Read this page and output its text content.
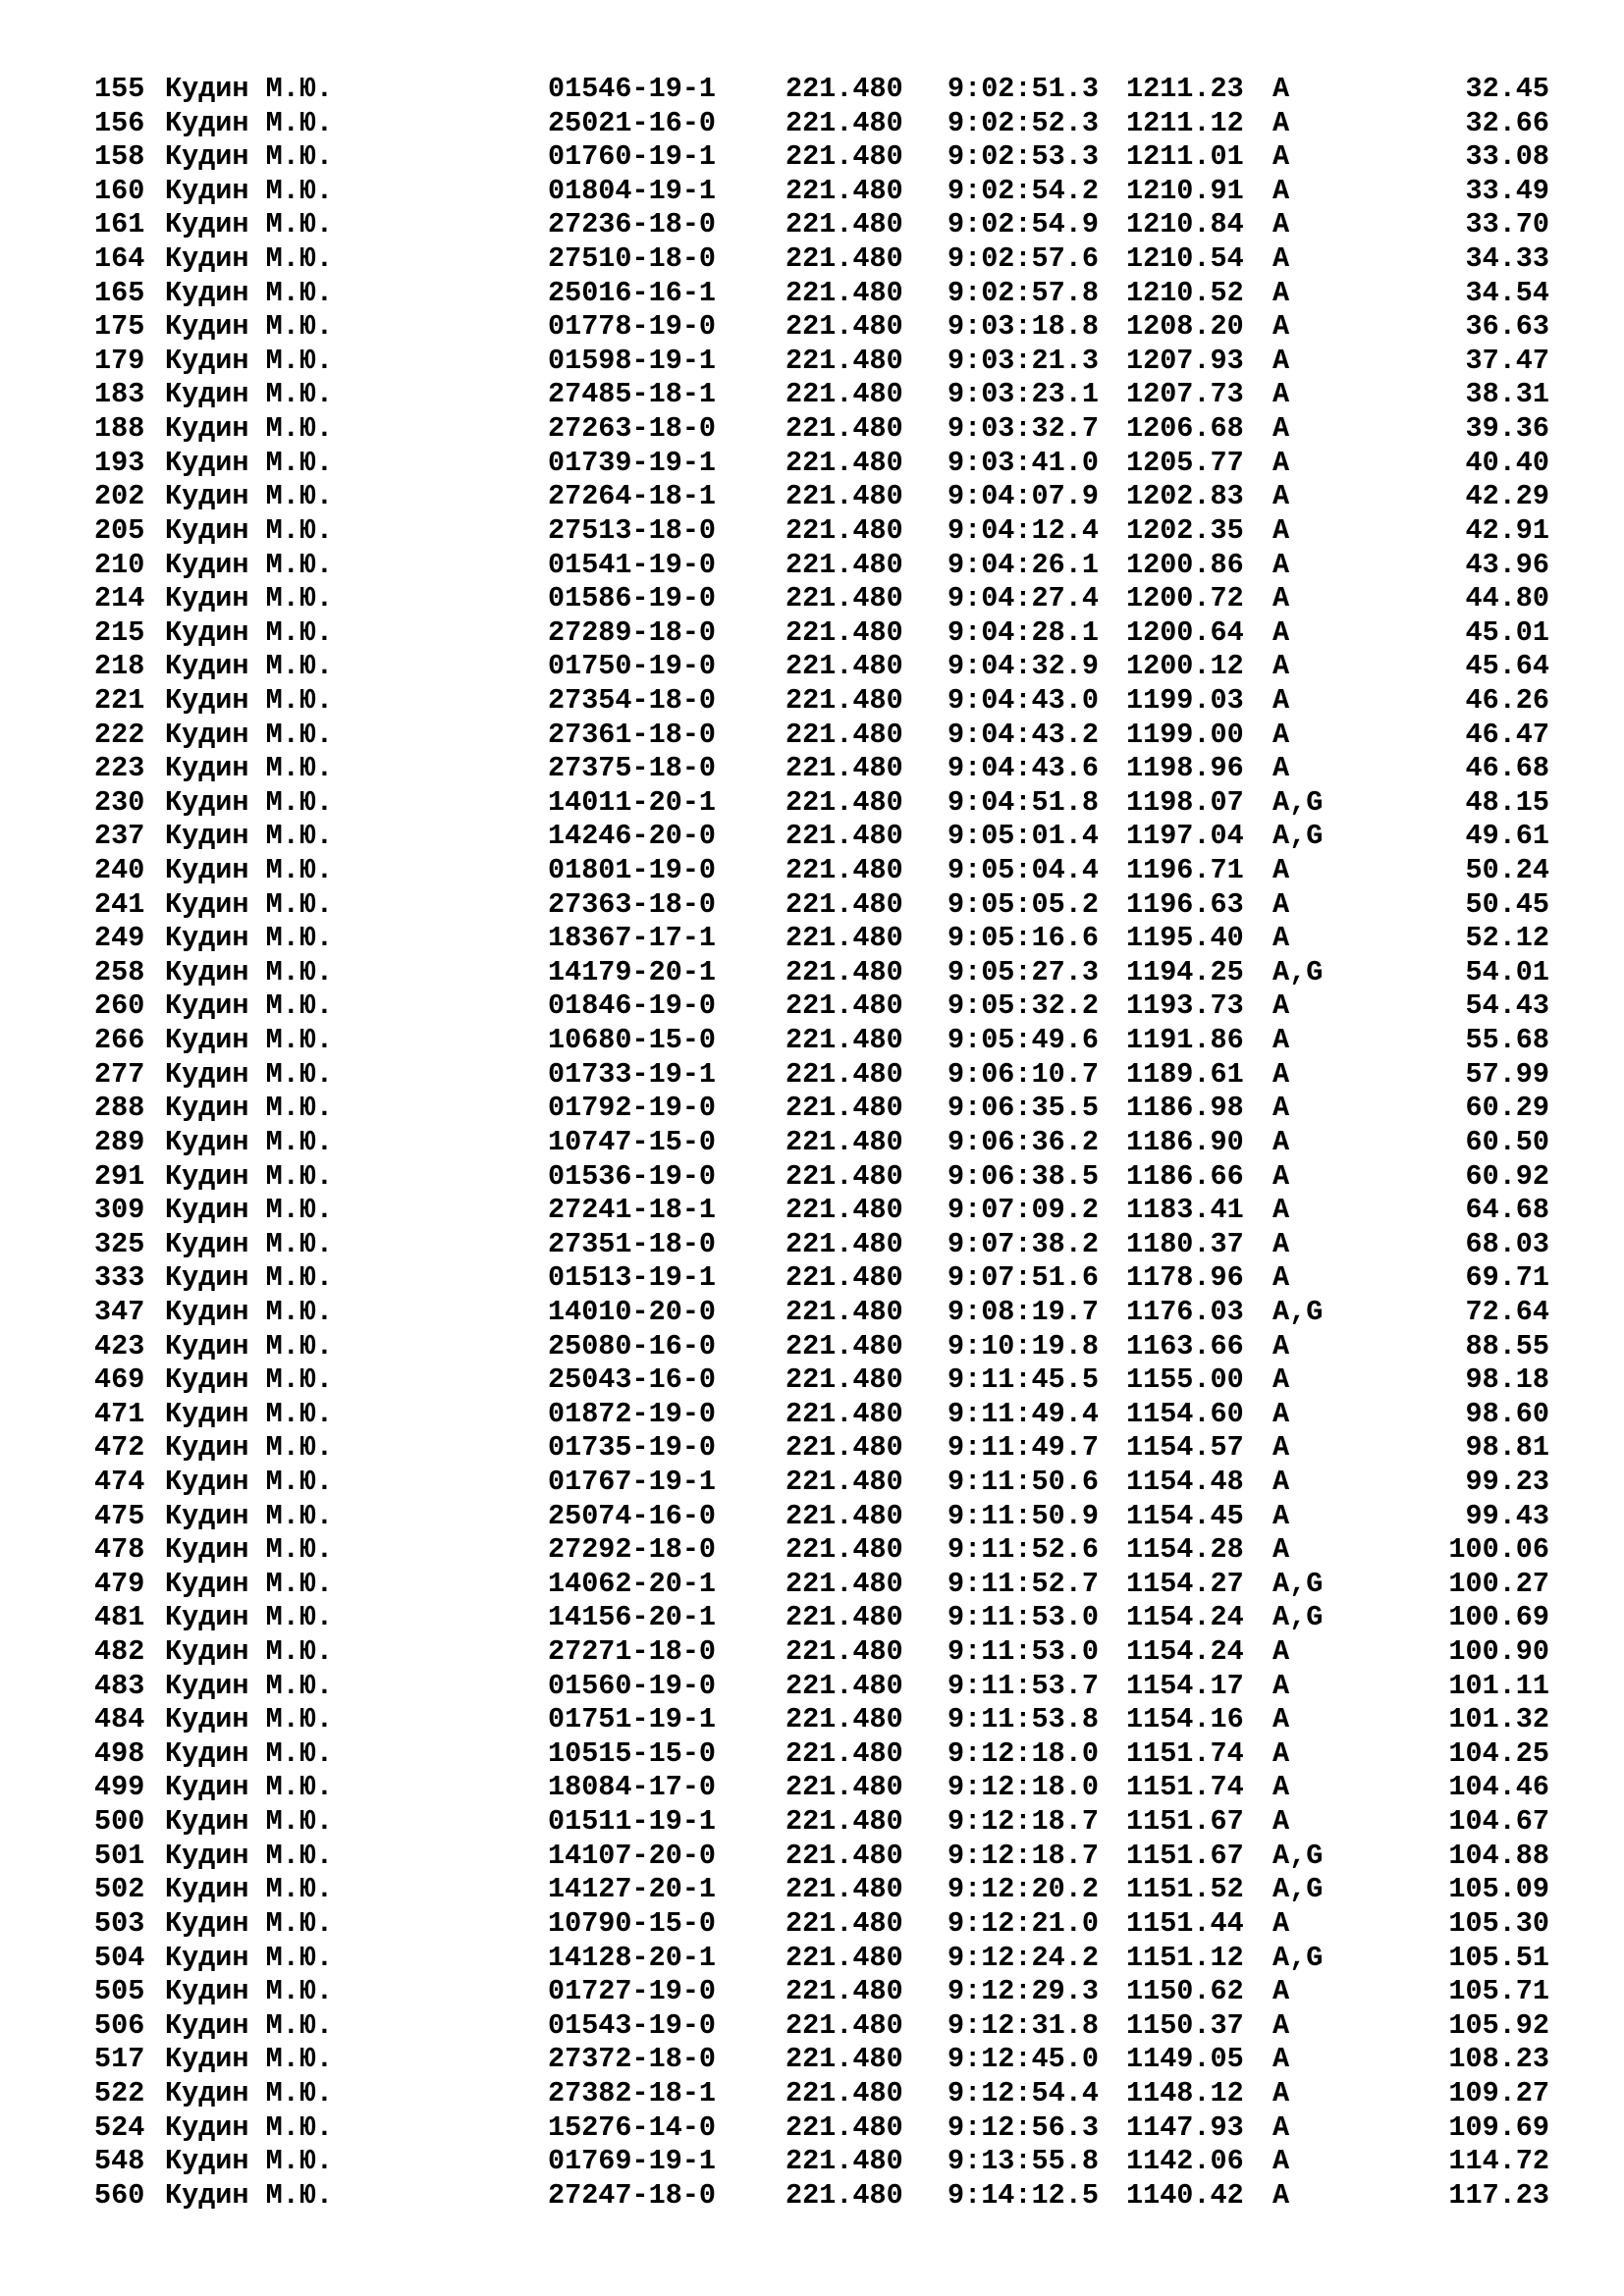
155 Кудин М.Ю.	01546-19-1 221.480 9:02:51.3 1211.23 A	32.45
156 Кудин М.Ю.	25021-16-0 221.480 9:02:52.3 1211.12 A	32.66
158 Кудин М.Ю.	01760-19-1 221.480 9:02:53.3 1211.01 A	33.08
160 Кудин М.Ю.	01804-19-1 221.480 9:02:54.2 1210.91 A	33.49
161 Кудин М.Ю.	27236-18-0 221.480 9:02:54.9 1210.84 A	33.70
164 Кудин М.Ю.	27510-18-0 221.480 9:02:57.6 1210.54 A	34.33
165 Кудин М.Ю.	25016-16-1 221.480 9:02:57.8 1210.52 A	34.54
175 Кудин М.Ю.	01778-19-0 221.480 9:03:18.8 1208.20 A	36.63
179 Кудин М.Ю.	01598-19-1 221.480 9:03:21.3 1207.93 A	37.47
183 Кудин М.Ю.	27485-18-1 221.480 9:03:23.1 1207.73 A	38.31
188 Кудин М.Ю.	27263-18-0 221.480 9:03:32.7 1206.68 A	39.36
193 Кудин М.Ю.	01739-19-1 221.480 9:03:41.0 1205.77 A	40.40
202 Кудин М.Ю.	27264-18-1 221.480 9:04:07.9 1202.83 A	42.29
205 Кудин М.Ю.	27513-18-0 221.480 9:04:12.4 1202.35 A	42.91
210 Кудин М.Ю.	01541-19-0 221.480 9:04:26.1 1200.86 A	43.96
214 Кудин М.Ю.	01586-19-0 221.480 9:04:27.4 1200.72 A	44.80
215 Кудин М.Ю.	27289-18-0 221.480 9:04:28.1 1200.64 A	45.01
218 Кудин М.Ю.	01750-19-0 221.480 9:04:32.9 1200.12 A	45.64
221 Кудин М.Ю.	27354-18-0 221.480 9:04:43.0 1199.03 A	46.26
222 Кудин М.Ю.	27361-18-0 221.480 9:04:43.2 1199.00 A	46.47
223 Кудин М.Ю.	27375-18-0 221.480 9:04:43.6 1198.96 A	46.68
230 Кудин М.Ю.	14011-20-1 221.480 9:04:51.8 1198.07 A,G	48.15
237 Кудин М.Ю.	14246-20-0 221.480 9:05:01.4 1197.04 A,G	49.61
240 Кудин М.Ю.	01801-19-0 221.480 9:05:04.4 1196.71 A	50.24
241 Кудин М.Ю.	27363-18-0 221.480 9:05:05.2 1196.63 A	50.45
249 Кудин М.Ю.	18367-17-1 221.480 9:05:16.6 1195.40 A	52.12
258 Кудин М.Ю.	14179-20-1 221.480 9:05:27.3 1194.25 A,G	54.01
260 Кудин М.Ю.	01846-19-0 221.480 9:05:32.2 1193.73 A	54.43
266 Кудин М.Ю.	10680-15-0 221.480 9:05:49.6 1191.86 A	55.68
277 Кудин М.Ю.	01733-19-1 221.480 9:06:10.7 1189.61 A	57.99
288 Кудин М.Ю.	01792-19-0 221.480 9:06:35.5 1186.98 A	60.29
289 Кудин М.Ю.	10747-15-0 221.480 9:06:36.2 1186.90 A	60.50
291 Кудин М.Ю.	01536-19-0 221.480 9:06:38.5 1186.66 A	60.92
309 Кудин М.Ю.	27241-18-1 221.480 9:07:09.2 1183.41 A	64.68
325 Кудин М.Ю.	27351-18-0 221.480 9:07:38.2 1180.37 A	68.03
333 Кудин М.Ю.	01513-19-1 221.480 9:07:51.6 1178.96 A	69.71
347 Кудин М.Ю.	14010-20-0 221.480 9:08:19.7 1176.03 A,G	72.64
423 Кудин М.Ю.	25080-16-0 221.480 9:10:19.8 1163.66 A	88.55
469 Кудин М.Ю.	25043-16-0 221.480 9:11:45.5 1155.00 A	98.18
471 Кудин М.Ю.	01872-19-0 221.480 9:11:49.4 1154.60 A	98.60
472 Кудин М.Ю.	01735-19-0 221.480 9:11:49.7 1154.57 A	98.81
474 Кудин М.Ю.	01767-19-1 221.480 9:11:50.6 1154.48 A	99.23
475 Кудин М.Ю.	25074-16-0 221.480 9:11:50.9 1154.45 A	99.43
478 Кудин М.Ю.	27292-18-0 221.480 9:11:52.6 1154.28 A	100.06
479 Кудин М.Ю.	14062-20-1 221.480 9:11:52.7 1154.27 A,G	100.27
481 Кудин М.Ю.	14156-20-1 221.480 9:11:53.0 1154.24 A,G	100.69
482 Кудин М.Ю.	27271-18-0 221.480 9:11:53.0 1154.24 A	100.90
483 Кудин М.Ю.	01560-19-0 221.480 9:11:53.7 1154.17 A	101.11
484 Кудин М.Ю.	01751-19-1 221.480 9:11:53.8 1154.16 A	101.32
498 Кудин М.Ю.	10515-15-0 221.480 9:12:18.0 1151.74 A	104.25
499 Кудин М.Ю.	18084-17-0 221.480 9:12:18.0 1151.74 A	104.46
500 Кудин М.Ю.	01511-19-1 221.480 9:12:18.7 1151.67 A	104.67
501 Кудин М.Ю.	14107-20-0 221.480 9:12:18.7 1151.67 A,G	104.88
502 Кудин М.Ю.	14127-20-1 221.480 9:12:20.2 1151.52 A,G	105.09
503 Кудин М.Ю.	10790-15-0 221.480 9:12:21.0 1151.44 A	105.30
504 Кудин М.Ю.	14128-20-1 221.480 9:12:24.2 1151.12 A,G	105.51
505 Кудин М.Ю.	01727-19-0 221.480 9:12:29.3 1150.62 A	105.71
506 Кудин М.Ю.	01543-19-0 221.480 9:12:31.8 1150.37 A	105.92
517 Кудин М.Ю.	27372-18-0 221.480 9:12:45.0 1149.05 A	108.23
522 Кудин М.Ю.	27382-18-1 221.480 9:12:54.4 1148.12 A	109.27
524 Кудин М.Ю.	15276-14-0 221.480 9:12:56.3 1147.93 A	109.69
548 Кудин М.Ю.	01769-19-1 221.480 9:13:55.8 1142.06 A	114.72
560 Кудин М.Ю.	27247-18-0 221.480 9:14:12.5 1140.42 A	117.23
